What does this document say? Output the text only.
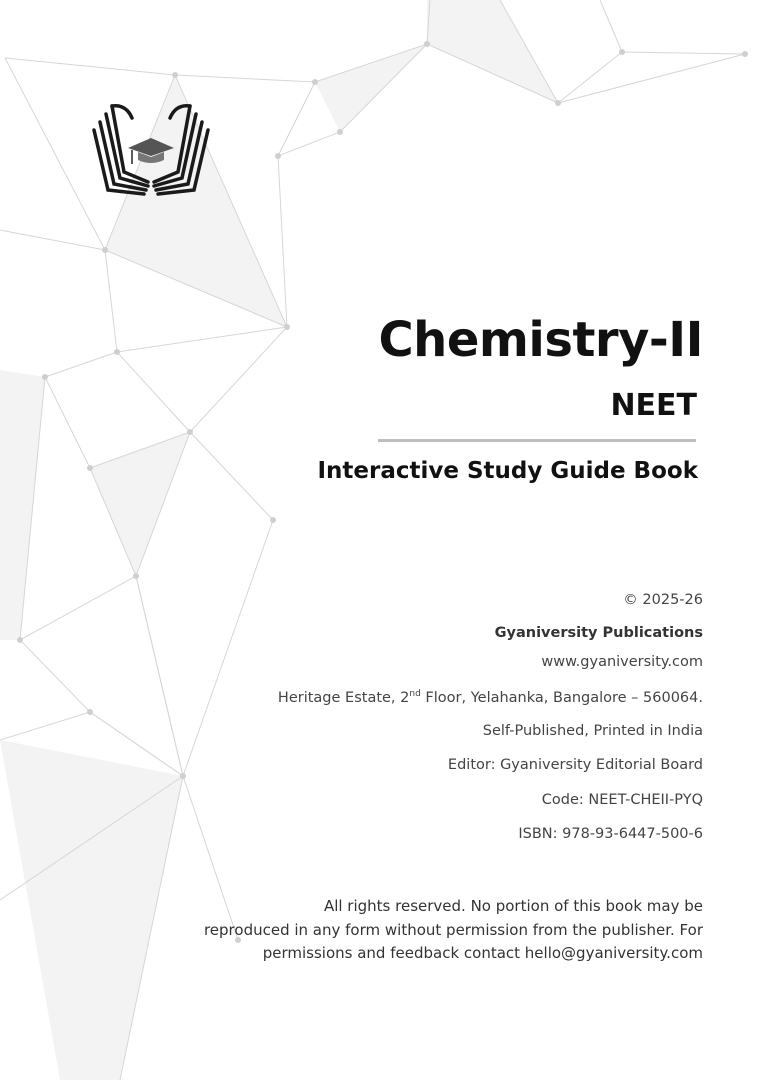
Chemistry-II
NEET
Interactive Study Guide Book
© 2025-26
Gyaniversity Publications
www.gyaniversity.com
Heritage Estate, 2nd Floor, Yelahanka, Bangalore – 560064.
Self-Published, Printed in India
Editor: Gyaniversity Editorial Board
Code: NEET-CHEII-PYQ
ISBN: 978-93-6447-500-6
All rights reserved. No portion of this book may be
reproduced in any form without permission from the publisher. For
permissions and feedback contact hello@gyaniversity.com
